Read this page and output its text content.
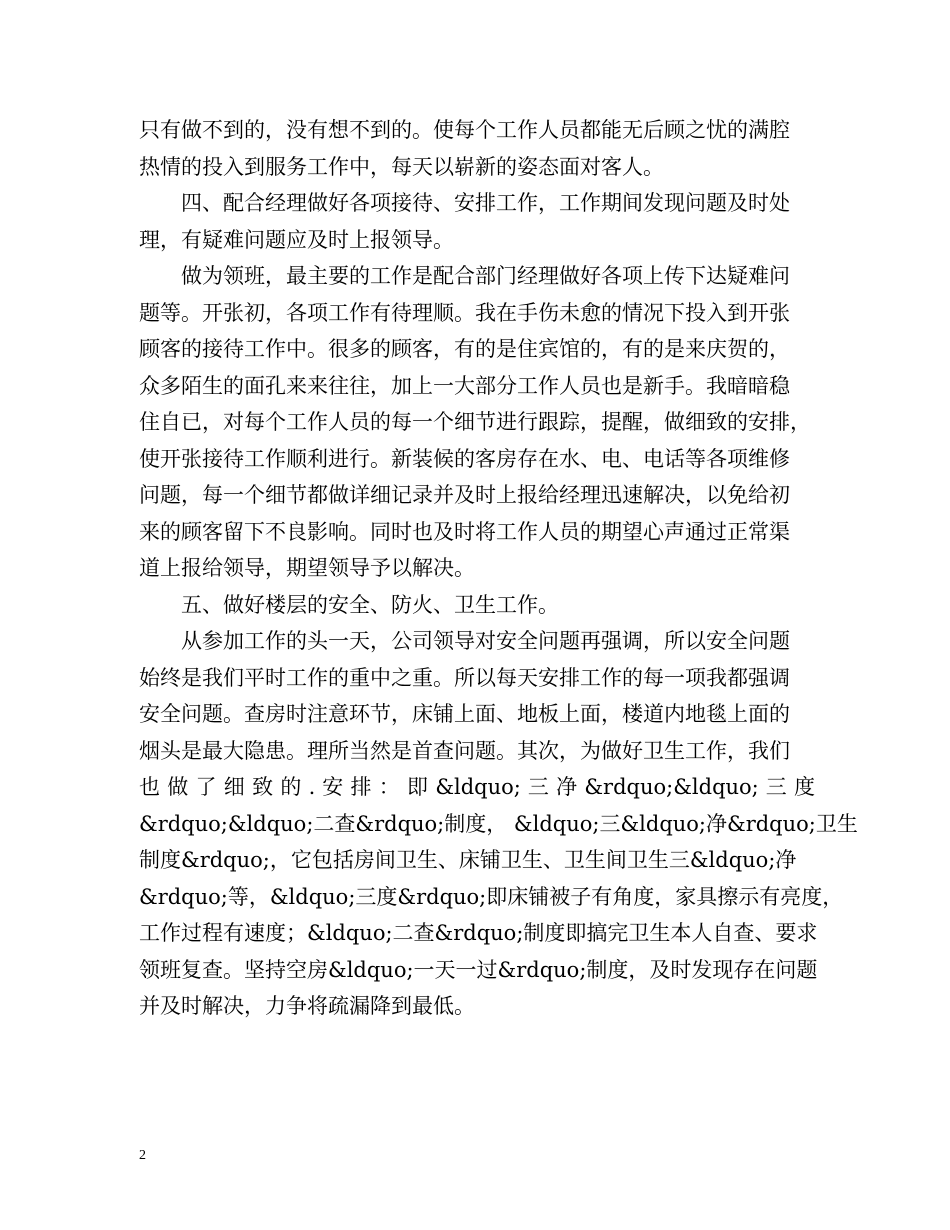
只有做不到的，没有想不到的。使每个工作人员都能无后顾之忧的满腔
热情的投入到服务工作中，每天以崭新的姿态面对客人。
四、配合经理做好各项接待、安排工作，工作期间发现问题及时处
理，有疑难问题应及时上报领导。
做为领班，最主要的工作是配合部门经理做好各项上传下达疑难问
题等。开张初，各项工作有待理顺。我在手伤未愈的情况下投入到开张
顾客的接待工作中。很多的顾客，有的是住宾馆的，有的是来庆贺的，
众多陌生的面孔来来往往，加上一大部分工作人员也是新手。我暗暗稳
住自已，对每个工作人员的每一个细节进行跟踪，提醒，做细致的安排，
使开张接待工作顺利进行。新装候的客房存在水、电、电话等各项维修
问题，每一个细节都做详细记录并及时上报给经理迅速解决，以免给初
来的顾客留下不良影响。同时也及时将工作人员的期望心声通过正常渠
道上报给领导，期望领导予以解决。
五、做好楼层的安全、防火、卫生工作。
从参加工作的头一天，公司领导对安全问题再强调，所以安全问题
始终是我们平时工作的重中之重。所以每天安排工作的每一项我都强调
安全问题。查房时注意环节，床铺上面、地板上面，楼道内地毯上面的
烟头是最大隐患。理所当然是首查问题。其次，为做好卫生工作，我们
也 做 了 细 致 的 . 安 排 ： 即 &ldquo; 三 净 &rdquo;&ldquo; 三 度
&rdquo;&ldquo;二查&rdquo;制度， &ldquo;三&ldquo;净&rdquo;卫生
制度&rdquo;，它包括房间卫生、床铺卫生、卫生间卫生三&ldquo;净
&rdquo;等，&ldquo;三度&rdquo;即床铺被子有角度，家具擦示有亮度，
工作过程有速度；&ldquo;二查&rdquo;制度即搞完卫生本人自查、要求
领班复查。坚持空房&ldquo;一天一过&rdquo;制度，及时发现存在问题
并及时解决，力争将疏漏降到最低。
2
